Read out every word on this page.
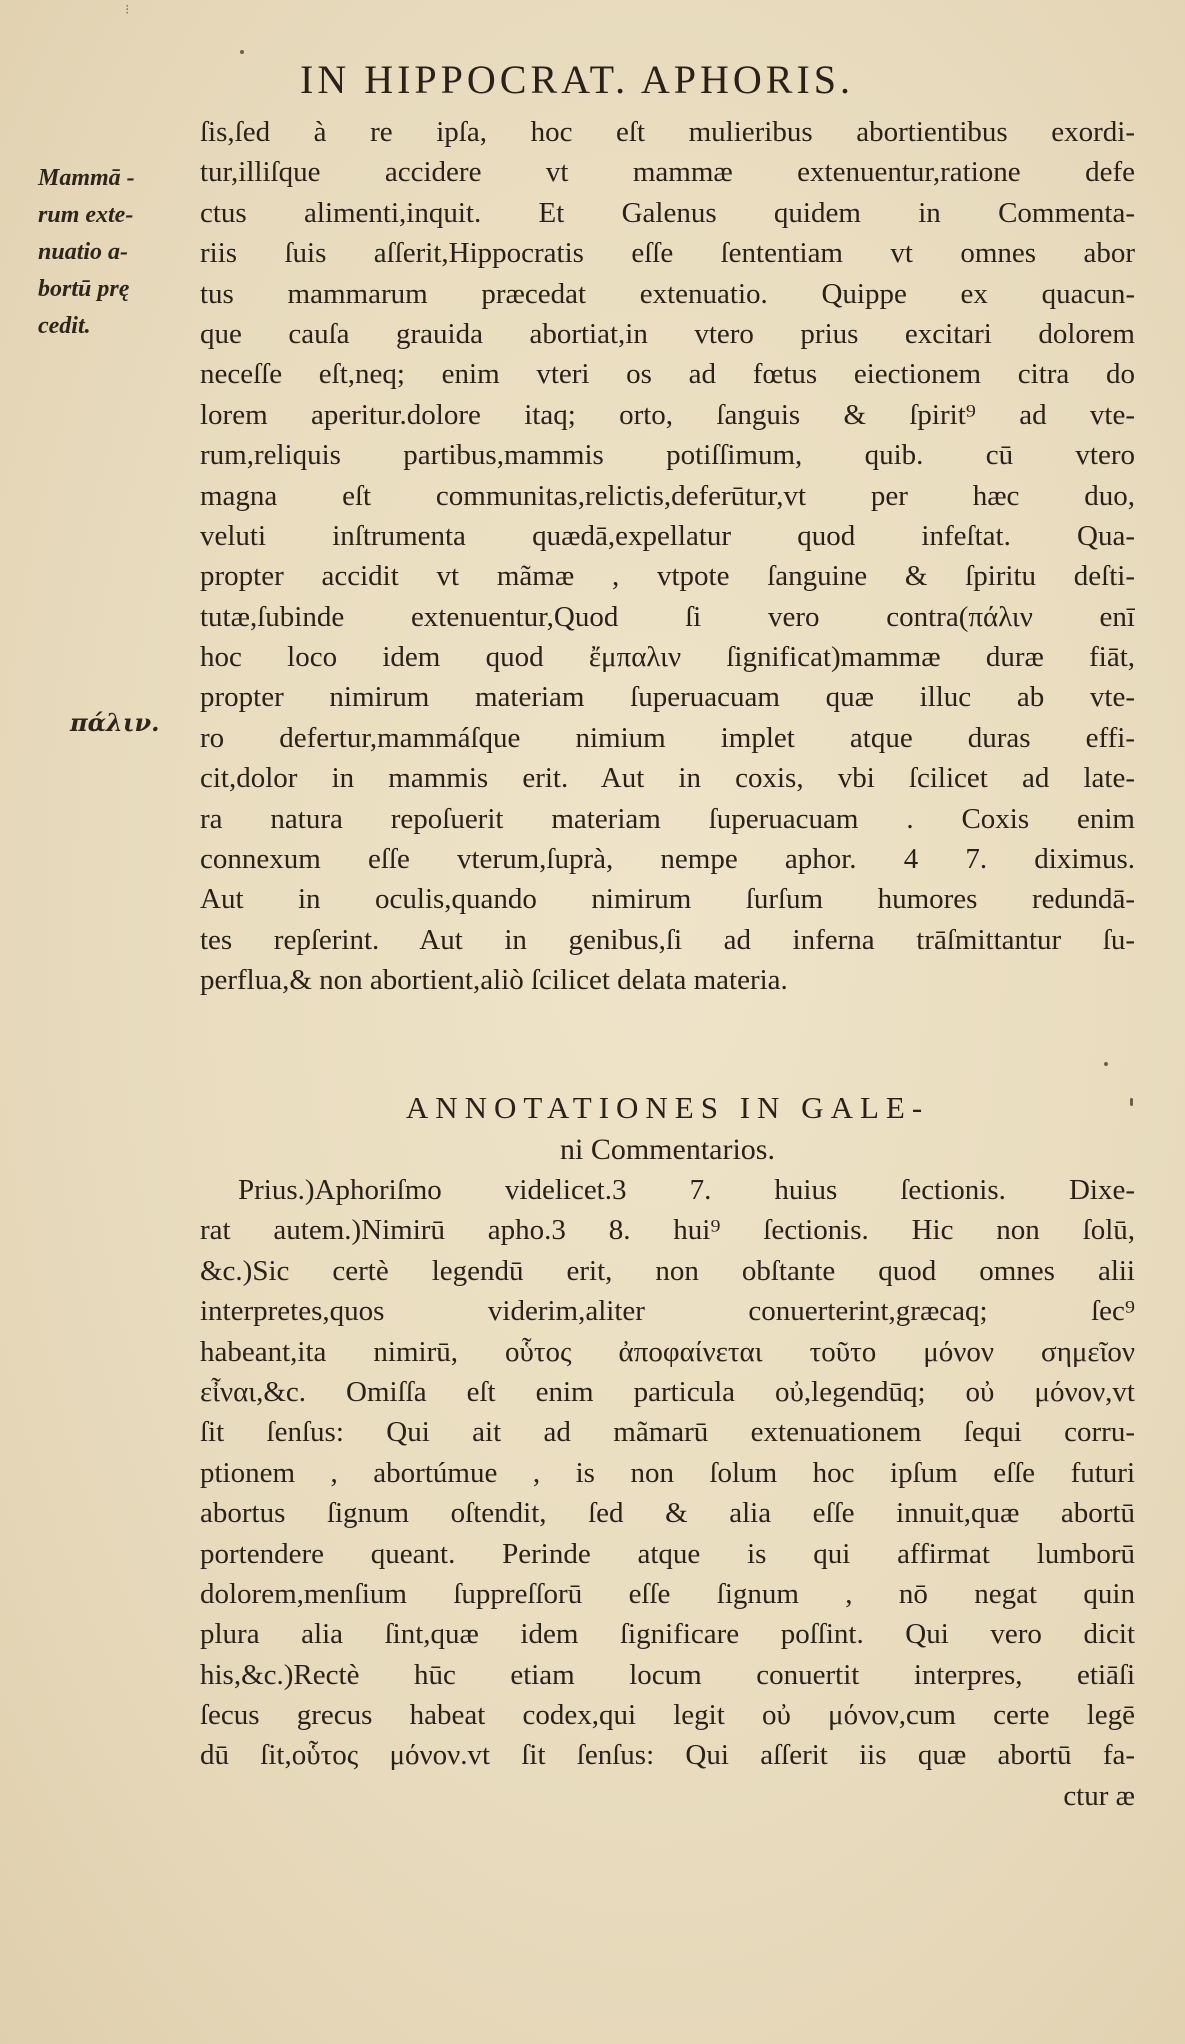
⁝
IN HIPPOCRAT. APHORIS.
Mammā -
rum exte-
nuatio a-
bortū prę
cedit.
πάλιν.
ſis,ſed à re ipſa, hoc eſt mulieribus abortientibus exordi-
tur,illiſque accidere vt mammæ extenuentur,ratione defe
ctus alimenti,inquit. Et Galenus quidem in Commenta-
riis ſuis aſſerit,Hippocratis eſſe ſententiam vt omnes abor
tus mammarum præcedat extenuatio. Quippe ex quacun-
que cauſa grauida abortiat,in vtero prius excitari dolorem
neceſſe eſt,neq; enim vteri os ad fœtus eiectionem citra do
lorem aperitur.dolore itaq; orto, ſanguis & ſpirit⁹ ad vte-
rum,reliquis partibus,mammis potiſſimum, quib. cū vtero
magna eſt communitas,relictis,deferūtur,vt per hæc duo,
veluti inſtrumenta quædā,expellatur quod infeſtat. Qua-
propter accidit vt mãmæ , vtpote ſanguine & ſpiritu deſti-
tutæ,ſubinde extenuentur,Quod ſi vero contra(πάλιν enī
hoc loco idem quod ἔμπαλιν ſignificat)mammæ duræ fiāt,
propter nimirum materiam ſuperuacuam quæ illuc ab vte-
ro defertur,mammáſque nimium implet atque duras effi-
cit,dolor in mammis erit. Aut in coxis, vbi ſcilicet ad late-
ra natura repoſuerit materiam ſuperuacuam . Coxis enim
connexum eſſe vterum,ſuprà, nempe aphor. 4 7. diximus.
Aut in oculis,quando nimirum ſurſum humores redundā-
tes repſerint. Aut in genibus,ſi ad inferna trāſmittantur ſu-
perflua,& non abortient,aliò ſcilicet delata materia.
ANNOTATIONES IN GALE-
ni Commentarios.
Prius.)Aphoriſmo videlicet.3 7. huius ſectionis. Dixe-
rat autem.)Nimirū apho.3 8. hui⁹ ſectionis. Hic non ſolū,
&c.)Sic certè legendū erit, non obſtante quod omnes alii
interpretes,quos viderim,aliter conuerterint,græcaq; ſec⁹
habeant,ita nimirū, οὗτος ἀποφαίνεται τοῦτο μόνον σημεῖον
εἶναι,&c. Omiſſa eſt enim particula οὐ,legendūq; οὐ μόνον,vt
ſit ſenſus: Qui ait ad mãmarū extenuationem ſequi corru-
ptionem , abortúmue , is non ſolum hoc ipſum eſſe futuri
abortus ſignum oſtendit, ſed & alia eſſe innuit,quæ abortū
portendere queant. Perinde atque is qui affirmat lumborū
dolorem,menſium ſuppreſſorū eſſe ſignum , nō negat quin
plura alia ſint,quæ idem ſignificare poſſint. Qui vero dicit
his,&c.)Rectè hūc etiam locum conuertit interpres, etiāſi
ſecus grecus habeat codex,qui legit οὐ μόνον,cum certe legē
dū ſit,οὗτος μόνον.vt ſit ſenſus: Qui aſſerit iis quæ abortū fa-
ctur æ
